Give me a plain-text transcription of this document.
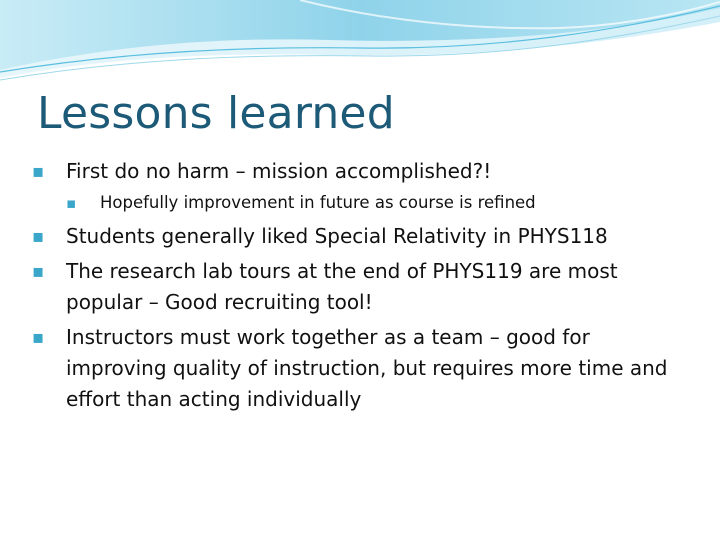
Lessons learned
▪ First do no harm – mission accomplished?!
▪ Hopefully improvement in future as course is refined
▪ Students generally liked Special Relativity in PHYS118
▪ The research lab tours at the end of PHYS119 are most popular – Good recruiting tool!
▪ Instructors must work together as a team – good for improving quality of instruction, but requires more time and effort than acting individually
